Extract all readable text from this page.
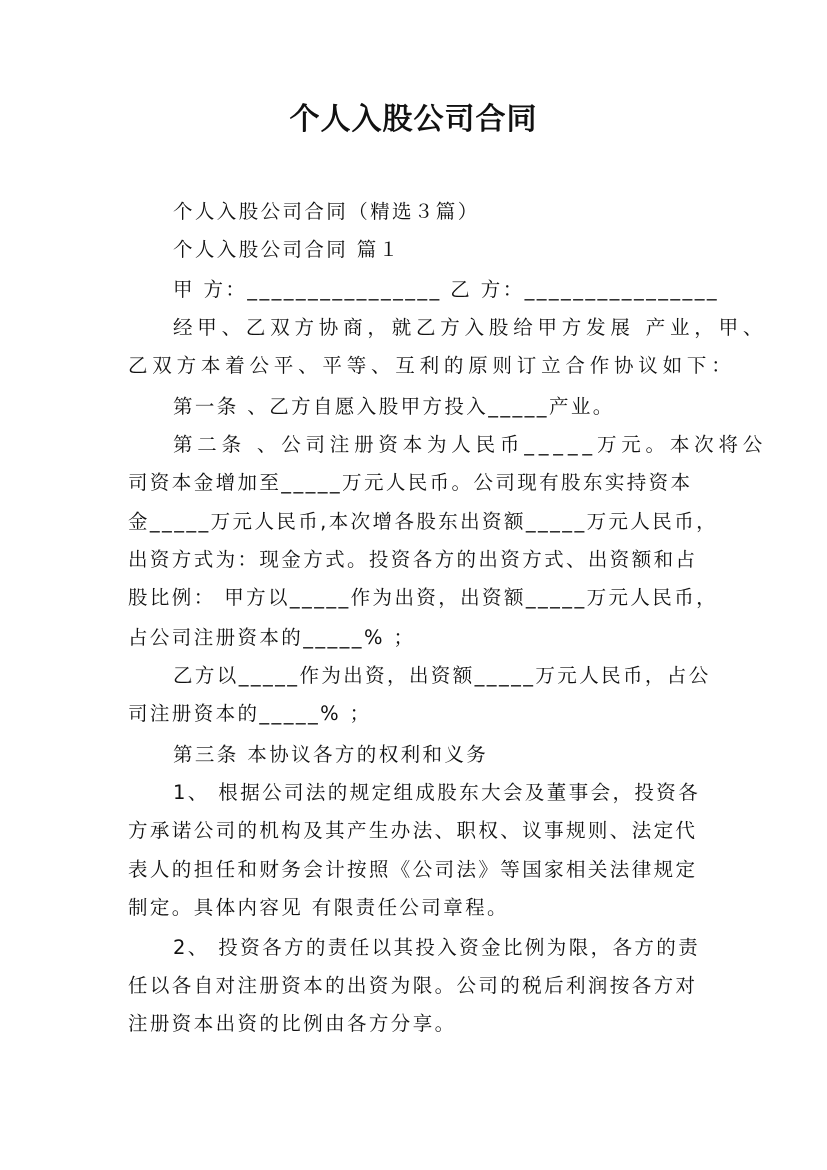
个人入股公司合同

个人入股公司合同（精选３篇）

个人入股公司合同 篇１

甲 方：________________ 乙 方：________________

经甲、乙双方协商，就乙方入股给甲方发展 产业，甲、

乙双方本着公平、平等、互利的原则订立合作协议如下：

第一条 、乙方自愿入股甲方投入_____产业。

第二条 、公司注册资本为人民币_____万元。本次将公

司资本金增加至_____万元人民币。公司现有股东实持资本

金_____万元人民币,本次增各股东出资额_____万元人民币，

出资方式为：现金方式。投资各方的出资方式、出资额和占

股比例： 甲方以_____作为出资，出资额_____万元人民币，

占公司注册资本的_____% ；

乙方以_____作为出资，出资额_____万元人民币，占公

司注册资本的_____% ；

第三条 本协议各方的权利和义务

1、 根据公司法的规定组成股东大会及董事会，投资各

方承诺公司的机构及其产生办法、职权、议事规则、法定代

表人的担任和财务会计按照《公司法》等国家相关法律规定

制定。具体内容见 有限责任公司章程。

2、 投资各方的责任以其投入资金比例为限，各方的责

任以各自对注册资本的出资为限。公司的税后利润按各方对

注册资本出资的比例由各方分享。
